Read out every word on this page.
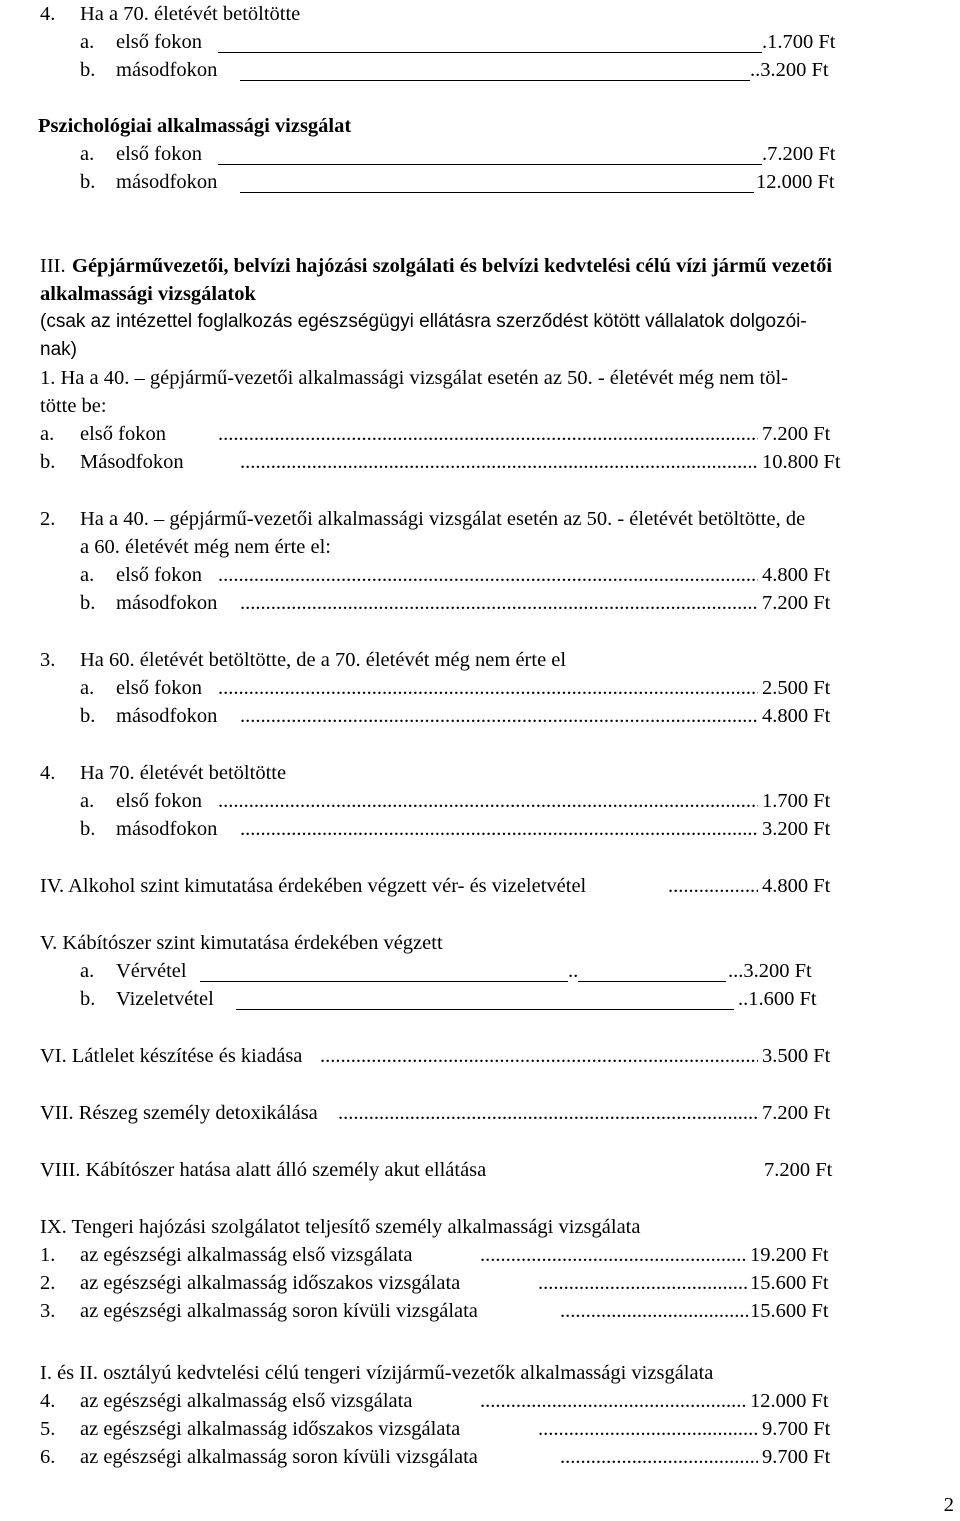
4. Ha a 70. életévét betöltötte
a. első fokon	.1.700 Ft
b. másodfokon	..3.200 Ft
Pszichológiai alkalmassági vizsgálat
a. első fokon	.7.200 Ft
b. másodfokon	12.000 Ft
III. Gépjárművezetői, belvízi hajózási szolgálati és belvízi kedvtelési célú vízi jármű vezetői
alkalmassági vizsgálatok
(csak az intézettel foglalkozás egészségügyi ellátásra szerződést kötött vállalatok dolgozói-
nak)
1. Ha a 40. – gépjármű-vezetői alkalmassági vizsgálat esetén az 50. - életévét még nem töl-
tötte be:
a. első fokon .....	7.200 Ft
b. Másodfokon .....	10.800 Ft
2. Ha a 40. – gépjármű-vezetői alkalmassági vizsgálat esetén az 50. - életévét betöltötte, de
a 60. életévét még nem érte el:
a. első fokon .....	4.800 Ft
b. másodfokon .....	7.200 Ft
3. Ha 60. életévét betöltötte, de a 70. életévét még nem érte el
a. első fokon .....	2.500 Ft
b. másodfokon .....	4.800 Ft
4. Ha 70. életévét betöltötte
a. első fokon .....	1.700 Ft
b. másodfokon .....	3.200 Ft
IV. Alkohol szint kimutatása érdekében végzett vér- és vizeletvétel .....	4.800 Ft
V. Kábítószer szint kimutatása érdekében végzett
a. Vérvétel	..	...3.200 Ft
b. Vizeletvétel	..1.600 Ft
VI. Látlelet készítése és kiadása .....	3.500 Ft
VII. Részeg személy detoxikálása .....	7.200 Ft
VIII. Kábítószer hatása alatt álló személy akut ellátása	7.200 Ft
IX. Tengeri hajózási szolgálatot teljesítő személy alkalmassági vizsgálata
1. az egészségi alkalmasság első vizsgálata .....	19.200 Ft
2. az egészségi alkalmasság időszakos vizsgálata .....	15.600 Ft
3. az egészségi alkalmasság soron kívüli vizsgálata .....	15.600 Ft
I. és II. osztályú kedvtelési célú tengeri vízijármű-vezetők alkalmassági vizsgálata
4. az egészségi alkalmasság első vizsgálata .....	12.000 Ft
5. az egészségi alkalmasság időszakos vizsgálata .....	9.700 Ft
6. az egészségi alkalmasság soron kívüli vizsgálata .....	9.700 Ft
2
